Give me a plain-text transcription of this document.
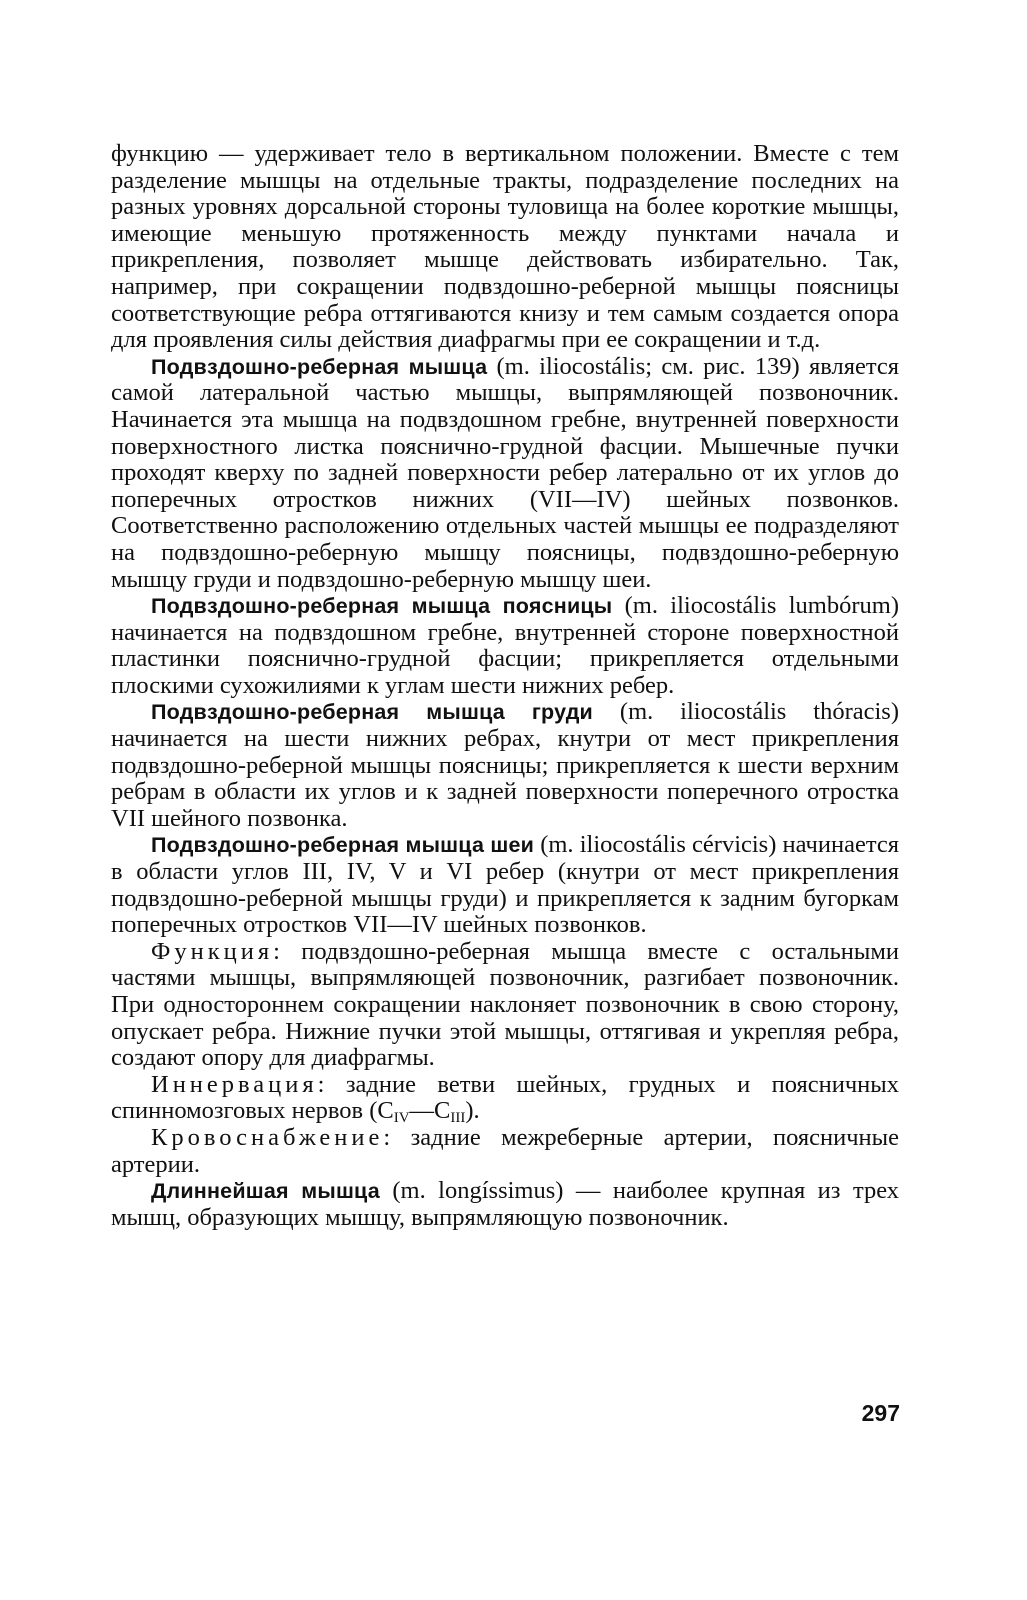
функцию — удерживает тело в вертикальном положении. Вместе с тем разделение мышцы на отдельные тракты, подразделение последних на разных уровнях дорсальной стороны туловища на более короткие мышцы, имеющие меньшую протяженность между пунктами начала и прикрепления, позволяет мышце действовать избирательно. Так, например, при сокращении подвздошно-реберной мышцы поясницы соответствующие ребра оттягиваются книзу и тем самым создается опора для проявления силы действия диафрагмы при ее сокращении и т.д.

Подвздошно-реберная мышца (m. iliocostális; см. рис. 139) является самой латеральной частью мышцы, выпрямляющей позвоночник. Начинается эта мышца на подвздошном гребне, внутренней поверхности поверхностного листка пояснично-грудной фасции. Мышечные пучки проходят кверху по задней поверхности ребер латерально от их углов до поперечных отростков нижних (VII—IV) шейных позвонков. Соответственно расположению отдельных частей мышцы ее подразделяют на подвздошно-реберную мышцу поясницы, подвздошно-реберную мышцу груди и подвздошно-реберную мышцу шеи.

Подвздошно-реберная мышца поясницы (m. iliocostális lumbórum) начинается на подвздошном гребне, внутренней стороне поверхностной пластинки пояснично-грудной фасции; прикрепляется отдельными плоскими сухожилиями к углам шести нижних ребер.

Подвздошно-реберная мышца груди (m. iliocostális thóracis) начинается на шести нижних ребрах, кнутри от мест прикрепления подвздошно-реберной мышцы поясницы; прикрепляется к шести верхним ребрам в области их углов и к задней поверхности поперечного отростка VII шейного позвонка.

Подвздошно-реберная мышца шеи (m. iliocostális cérvicis) начинается в области углов III, IV, V и VI ребер (кнутри от мест прикрепления подвздошно-реберной мышцы груди) и прикрепляется к задним бугоркам поперечных отростков VII—IV шейных позвонков.

Функция: подвздошно-реберная мышца вместе с остальными частями мышцы, выпрямляющей позвоночник, разгибает позвоночник. При одностороннем сокращении наклоняет позвоночник в свою сторону, опускает ребра. Нижние пучки этой мышцы, оттягивая и укрепляя ребра, создают опору для диафрагмы.

Иннервация: задние ветви шейных, грудных и поясничных спинномозговых нервов $(C_{IV}—C_{III})$.

Кровоснабжение: задние межреберные артерии, поясничные артерии.

Длиннейшая мышца (m. longíssimus) — наиболее крупная из трех мышц, образующих мышцу, выпрямляющую позвоночник.

297
